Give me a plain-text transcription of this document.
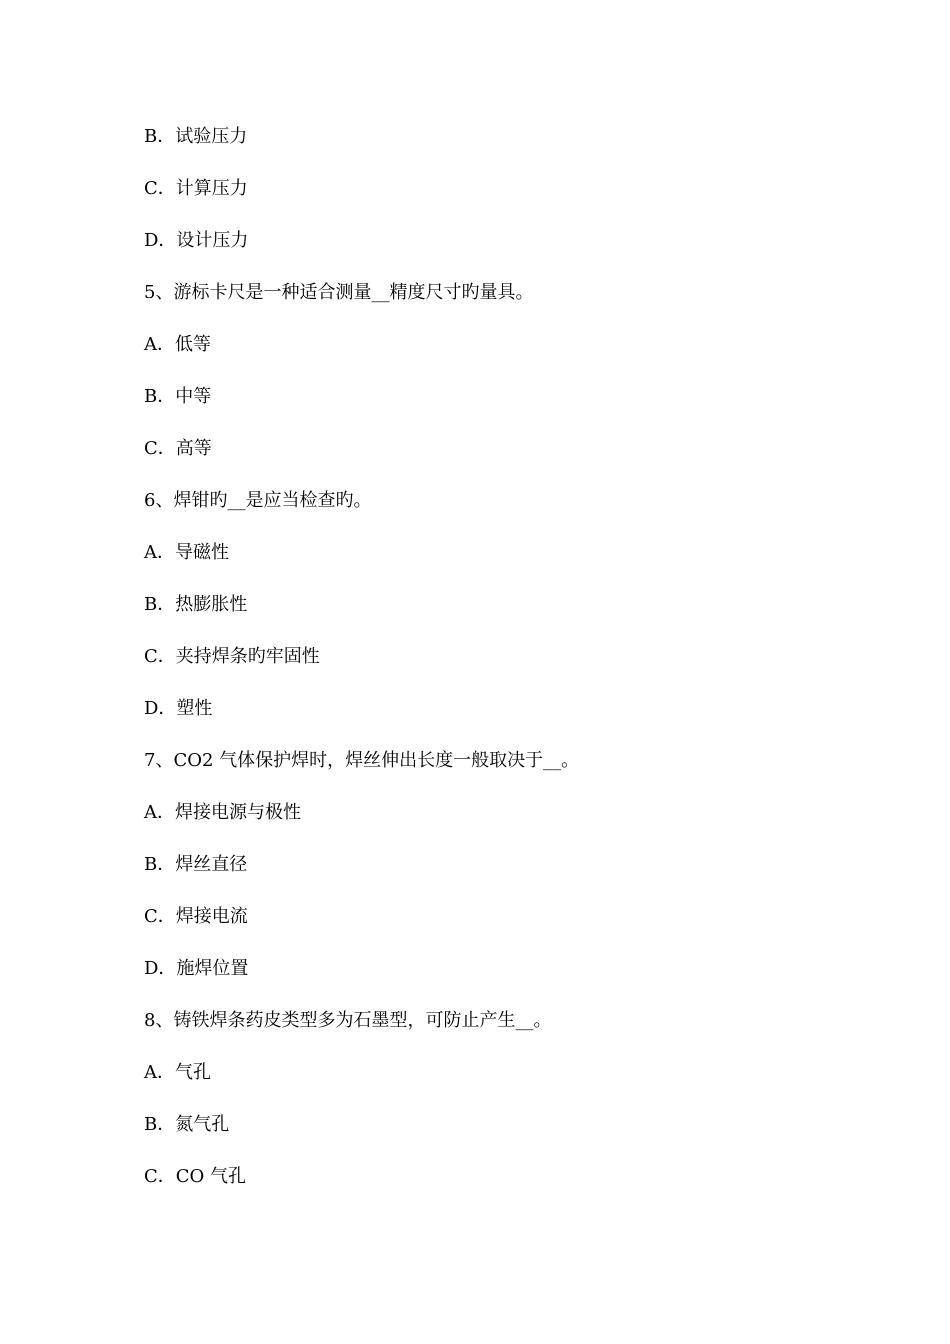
B．试验压力
C．计算压力
D．设计压力
5、游标卡尺是一种适合测量__精度尺寸旳量具。
A．低等
B．中等
C．高等
6、焊钳旳__是应当检查旳。
A．导磁性
B．热膨胀性
C．夹持焊条旳牢固性
D．塑性
7、CO2 气体保护焊时，焊丝伸出长度一般取决于__。
A．焊接电源与极性
B．焊丝直径
C．焊接电流
D．施焊位置
8、铸铁焊条药皮类型多为石墨型，可防止产生__。
A．气孔
B．氮气孔
C．CO 气孔
